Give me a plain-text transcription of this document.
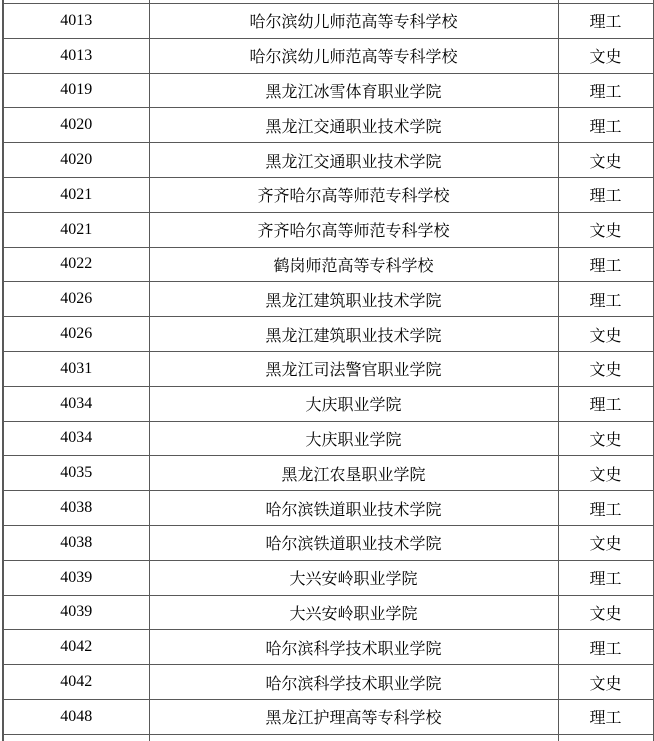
4013	哈尔滨幼儿师范高等专科学校	理工
4013	哈尔滨幼儿师范高等专科学校	文史
4019	黑龙江冰雪体育职业学院	理工
4020	黑龙江交通职业技术学院	理工
4020	黑龙江交通职业技术学院	文史
4021	齐齐哈尔高等师范专科学校	理工
4021	齐齐哈尔高等师范专科学校	文史
4022	鹤岗师范高等专科学校	理工
4026	黑龙江建筑职业技术学院	理工
4026	黑龙江建筑职业技术学院	文史
4031	黑龙江司法警官职业学院	文史
4034	大庆职业学院	理工
4034	大庆职业学院	文史
4035	黑龙江农垦职业学院	文史
4038	哈尔滨铁道职业技术学院	理工
4038	哈尔滨铁道职业技术学院	文史
4039	大兴安岭职业学院	理工
4039	大兴安岭职业学院	文史
4042	哈尔滨科学技术职业学院	理工
4042	哈尔滨科学技术职业学院	文史
4048	黑龙江护理高等专科学校	理工
